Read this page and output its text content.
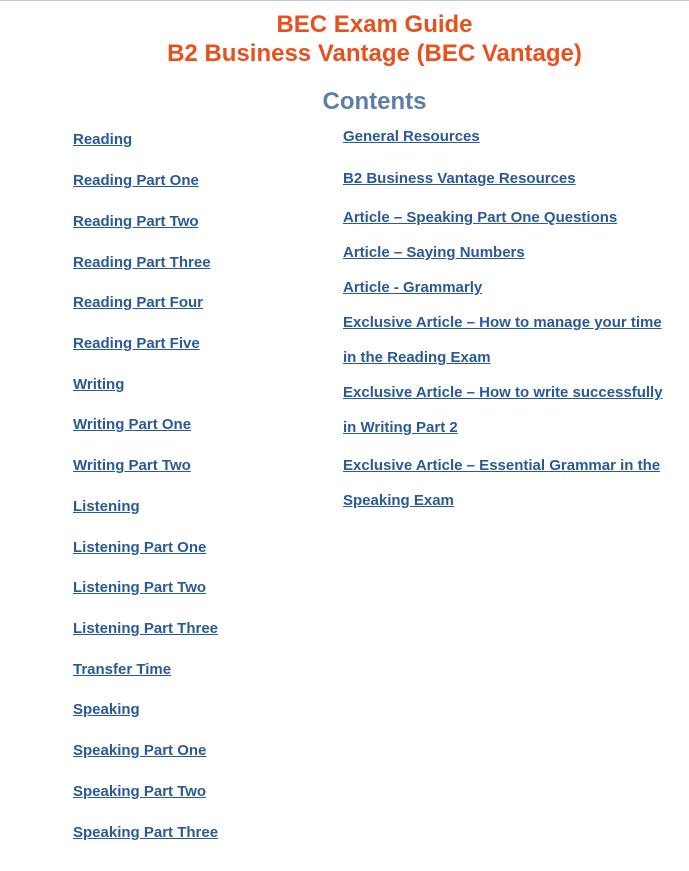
BEC Exam Guide
B2 Business Vantage (BEC Vantage)
Contents
Reading
Reading Part One
Reading Part Two
Reading Part Three
Reading Part Four
Reading Part Five
Writing
Writing Part One
Writing Part Two
Listening
Listening Part One
Listening Part Two
Listening Part Three
Transfer Time
Speaking
Speaking Part One
Speaking Part Two
Speaking Part Three
General Resources
B2 Business Vantage Resources
Article – Speaking Part One Questions
Article – Saying Numbers
Article - Grammarly
Exclusive Article – How to manage your time
in the Reading Exam
Exclusive Article – How to write successfully
in Writing Part 2
Exclusive Article – Essential Grammar in the
Speaking Exam
